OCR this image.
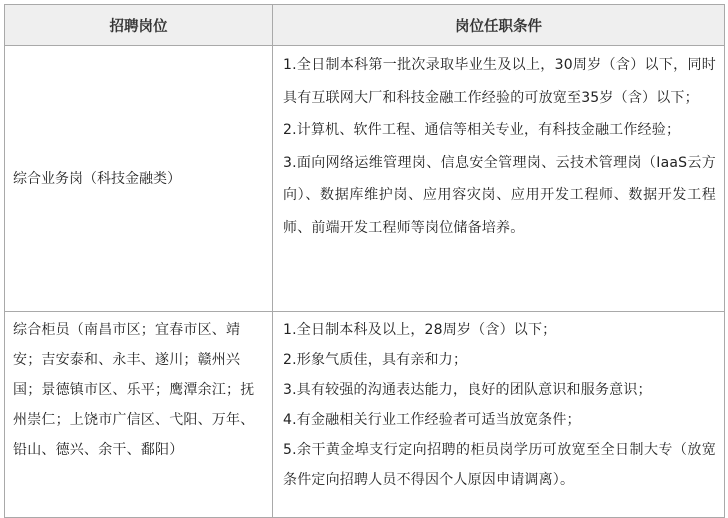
招聘岗位	岗位任职条件
综合业务岗（科技金融类）	1.全日制本科第一批次录取毕业生及以上，30周岁（含）以下，同时具有互联网大厂和科技金融工作经验的可放宽至35岁（含）以下；
2.计算机、软件工程、通信等相关专业，有科技金融工作经验；
3.面向网络运维管理岗、信息安全管理岗、云技术管理岗（IaaS云方向）、数据库维护岗、应用容灾岗、应用开发工程师、数据开发工程师、前端开发工程师等岗位储备培养。

综合柜员（南昌市区；宜春市区、靖安；吉安泰和、永丰、遂川；赣州兴国；景德镇市区、乐平；鹰潭余江；抚州崇仁；上饶市广信区、弋阳、万年、铅山、德兴、余干、鄱阳）	1.全日制本科及以上，28周岁（含）以下；
2.形象气质佳，具有亲和力；
3.具有较强的沟通表达能力，良好的团队意识和服务意识；
4.有金融相关行业工作经验者可适当放宽条件；
5.余干黄金埠支行定向招聘的柜员岗学历可放宽至全日制大专（放宽条件定向招聘人员不得因个人原因申请调离）。
